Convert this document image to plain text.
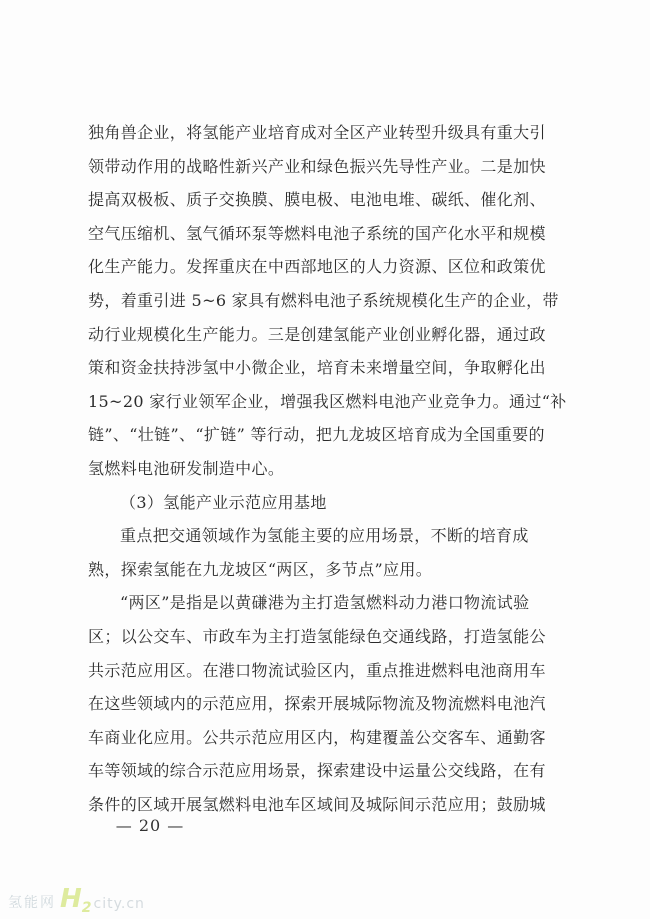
独角兽企业，将氢能产业培育成对全区产业转型升级具有重大引
领带动作用的战略性新兴产业和绿色振兴先导性产业。二是加快
提高双极板、质子交换膜、膜电极、电池电堆、碳纸、催化剂、
空气压缩机、氢气循环泵等燃料电池子系统的国产化水平和规模
化生产能力。发挥重庆在中西部地区的人力资源、区位和政策优
势，着重引进 5~6 家具有燃料电池子系统规模化生产的企业，带
动行业规模化生产能力。三是创建氢能产业创业孵化器，通过政
策和资金扶持涉氢中小微企业，培育未来增量空间，争取孵化出
15~20 家行业领军企业，增强我区燃料电池产业竞争力。通过“补
链”、“壮链”、“扩链” 等行动，把九龙坡区培育成为全国重要的
氢燃料电池研发制造中心。
（3）氢能产业示范应用基地
重点把交通领域作为氢能主要的应用场景，不断的培育成
熟，探索氢能在九龙坡区“两区，多节点”应用。
“两区”是指是以黄磏港为主打造氢燃料动力港口物流试验
区；以公交车、市政车为主打造氢能绿色交通线路，打造氢能公
共示范应用区。在港口物流试验区内，重点推进燃料电池商用车
在这些领域内的示范应用，探索开展城际物流及物流燃料电池汽
车商业化应用。公共示范应用区内，构建覆盖公交客车、通勤客
车等领域的综合示范应用场景，探索建设中运量公交线路，在有
条件的区域开展氢燃料电池车区域间及城际间示范应用；鼓励城
— 20 —
氢能网 H 2 city.cn
